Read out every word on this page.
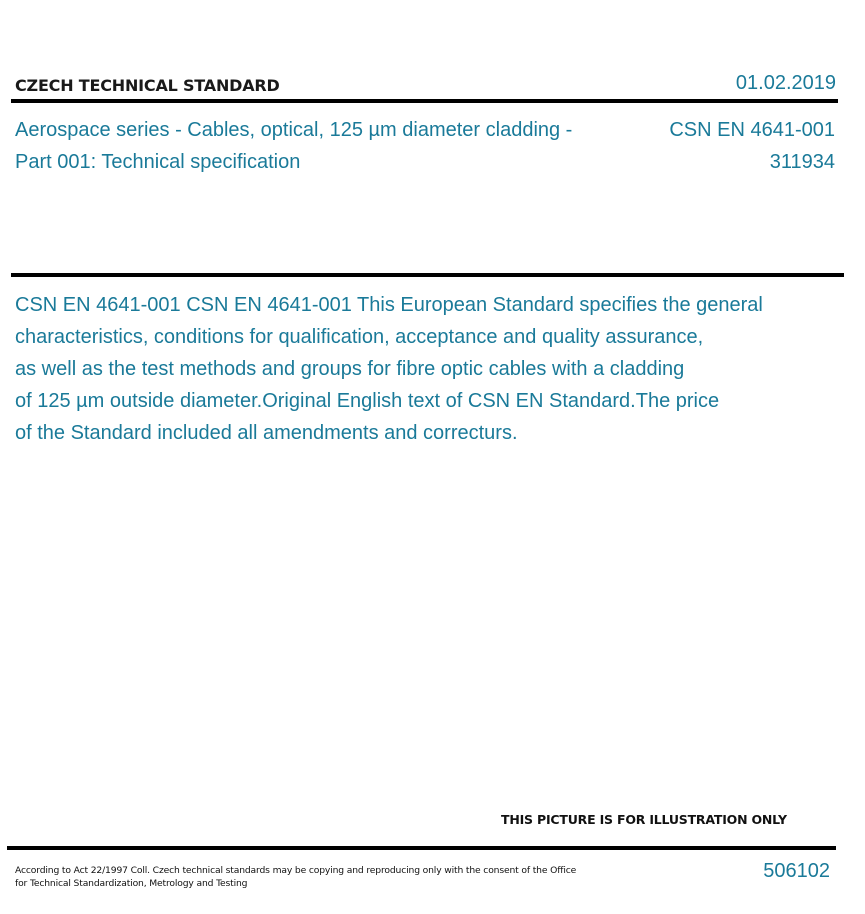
CZECH TECHNICAL STANDARD	01.02.2019
Aerospace series - Cables, optical, 125 µm diameter cladding - Part 001: Technical specification
CSN EN 4641-001
311934
CSN EN 4641-001 CSN EN 4641-001 This European Standard specifies the general
characteristics, conditions for qualification, acceptance and quality assurance,
as well as the test methods and groups for fibre optic cables with a cladding
of 125 µm outside diameter.Original English text of CSN EN Standard.The price
of the Standard included all amendments and correcturs.
THIS PICTURE IS FOR ILLUSTRATION ONLY
According to Act 22/1997 Coll. Czech technical standards may be copying and reproducing only with the consent of the Office
for Technical Standardization, Metrology and Testing
506102
